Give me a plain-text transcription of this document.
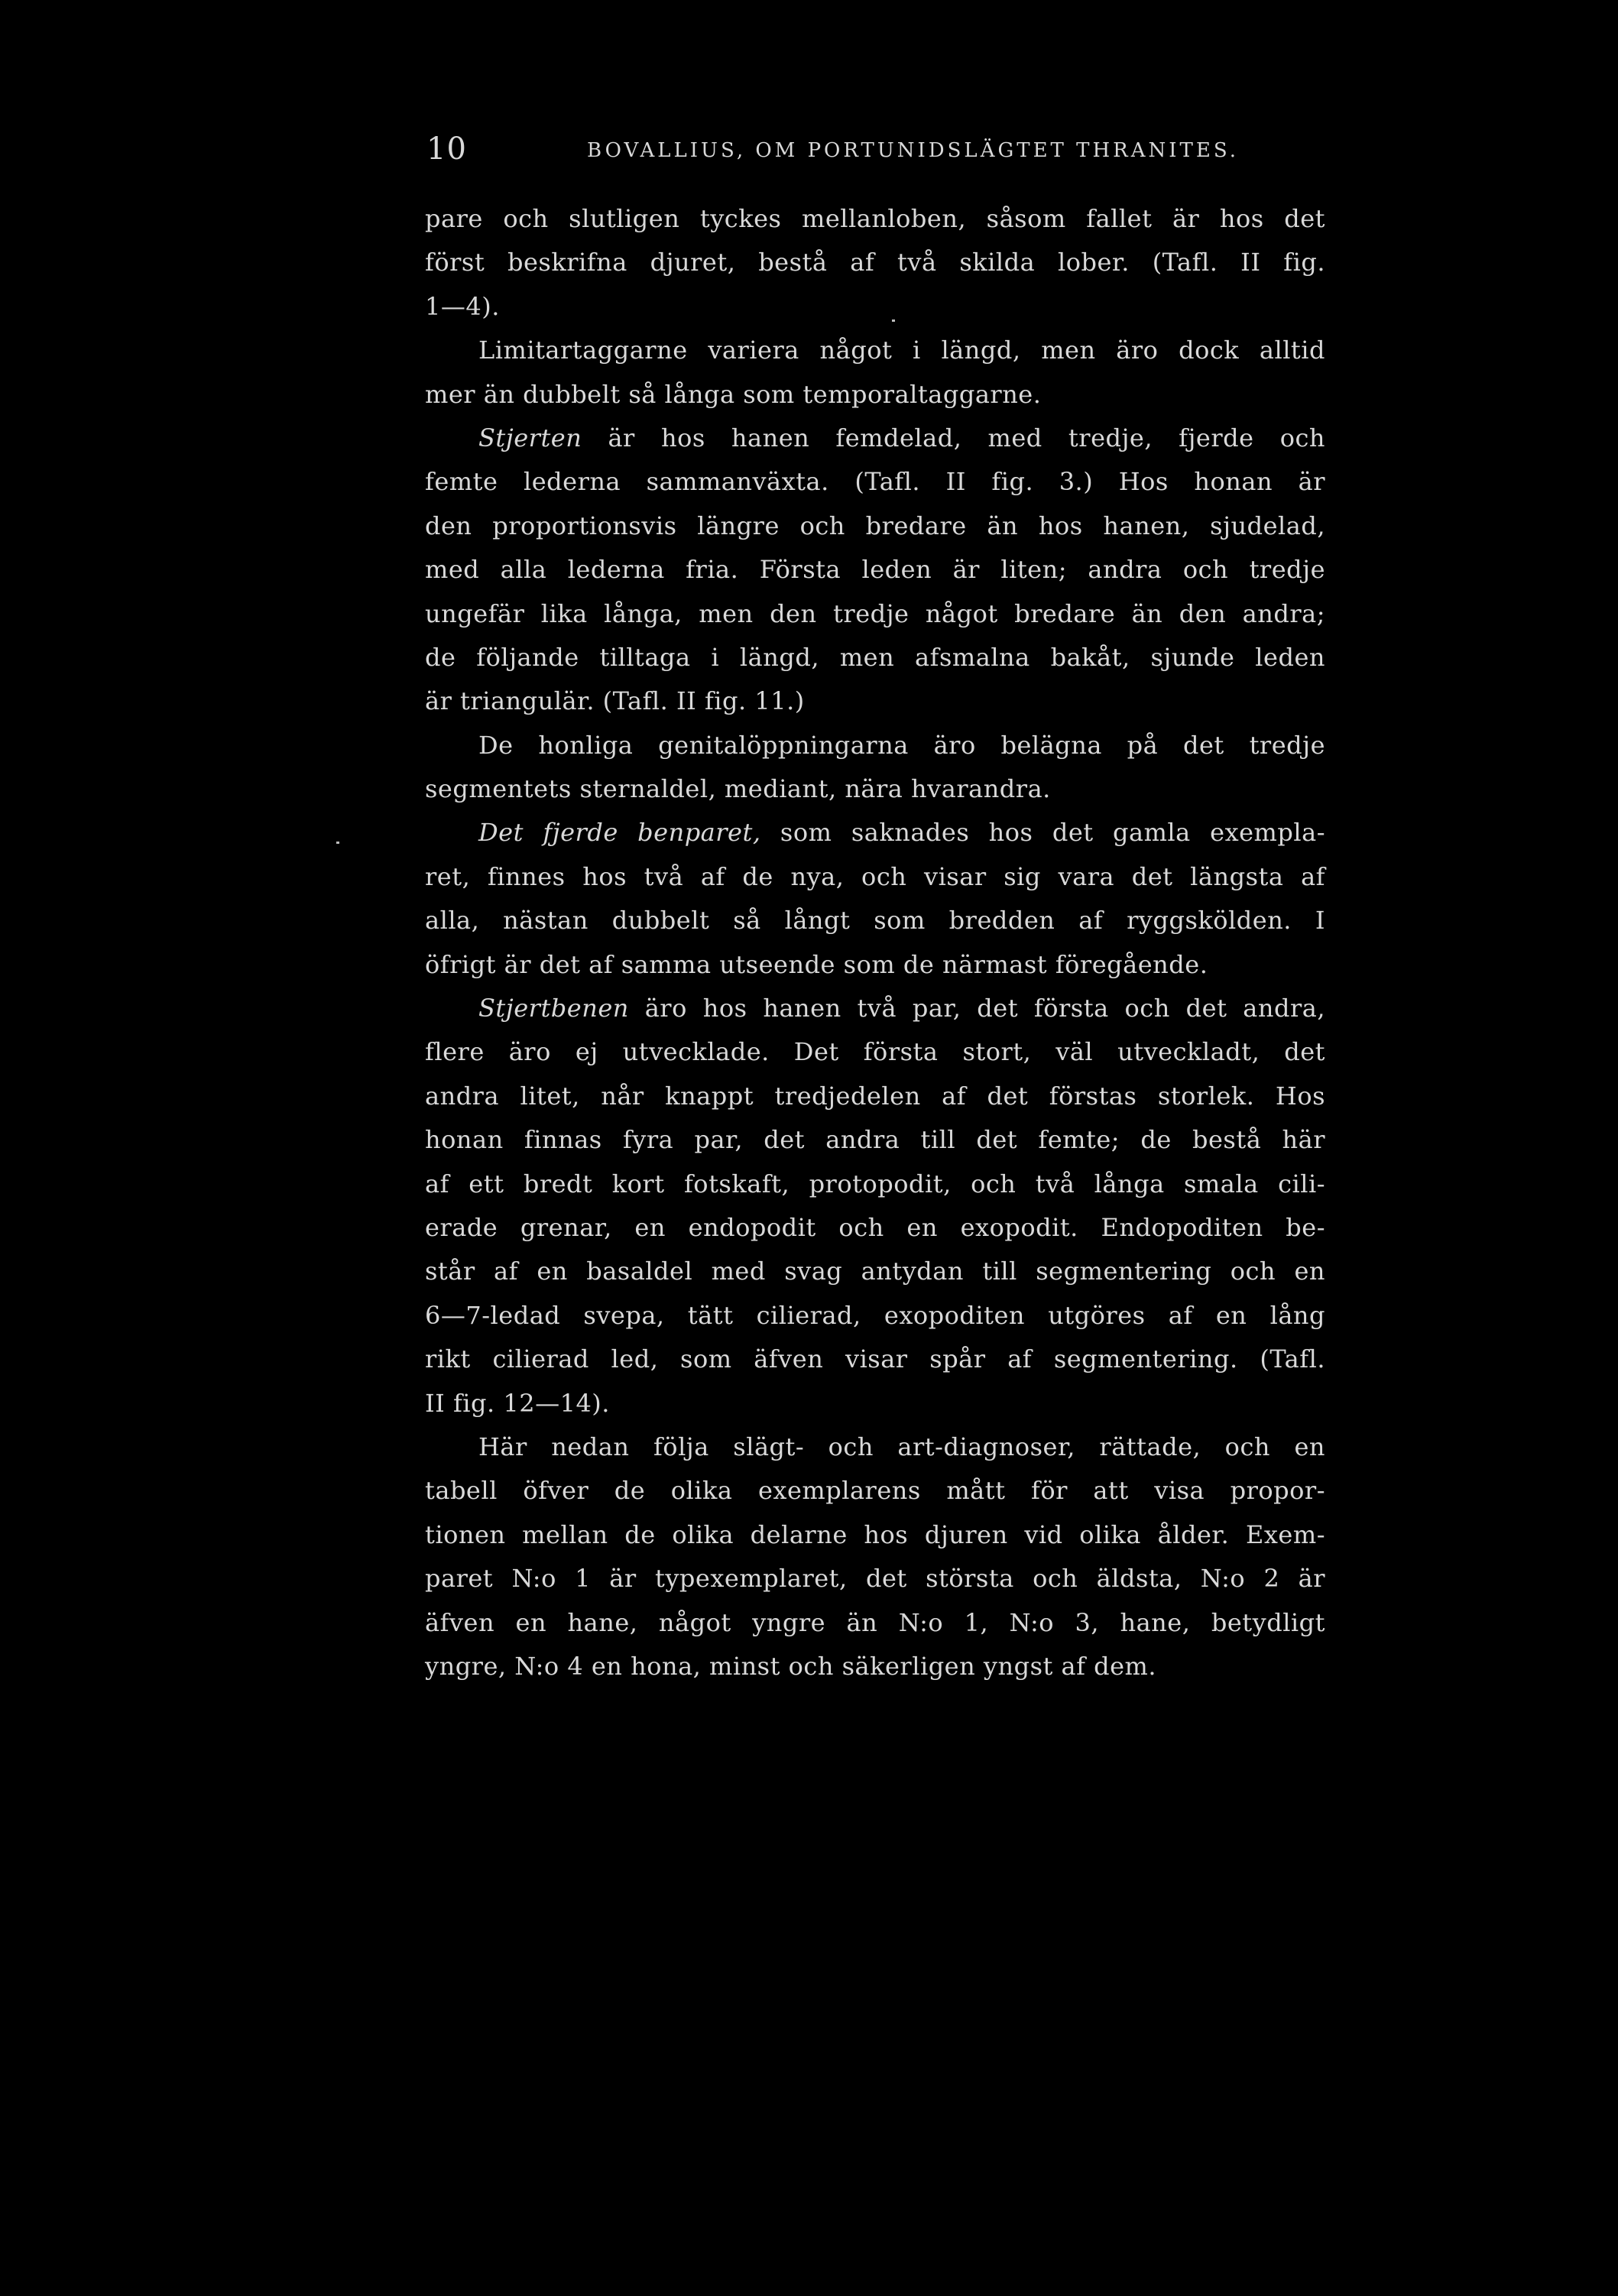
10	BOVALLIUS, OM PORTUNIDSLÄGTET THRANITES.
pare och slutligen tyckes mellanloben, såsom fallet är hos det
först beskrifna djuret, bestå af två skilda lober. (Tafl. II fig.
1—4).
Limitartaggarne variera något i längd, men äro dock alltid
mer än dubbelt så långa som temporaltaggarne.
Stjerten är hos hanen femdelad, med tredje, fjerde och
femte lederna sammanväxta. (Tafl. II fig. 3.) Hos honan är
den proportionsvis längre och bredare än hos hanen, sjudelad,
med alla lederna fria. Första leden är liten; andra och tredje
ungefär lika långa, men den tredje något bredare än den andra;
de följande tilltaga i längd, men afsmalna bakåt, sjunde leden
är triangulär. (Tafl. II fig. 11.)
De honliga genitalöppningarna äro belägna på det tredje
segmentets sternaldel, mediant, nära hvarandra.
Det fjerde benparet, som saknades hos det gamla exempla-
ret, finnes hos två af de nya, och visar sig vara det längsta af
alla, nästan dubbelt så långt som bredden af ryggskölden. I
öfrigt är det af samma utseende som de närmast föregående.
Stjertbenen äro hos hanen två par, det första och det andra,
flere äro ej utvecklade. Det första stort, väl utveckladt, det
andra litet, når knappt tredjedelen af det förstas storlek. Hos
honan finnas fyra par, det andra till det femte; de bestå här
af ett bredt kort fotskaft, protopodit, och två långa smala cili-
erade grenar, en endopodit och en exopodit. Endopoditen be-
står af en basaldel med svag antydan till segmentering och en
6—7-ledad svepa, tätt cilierad, exopoditen utgöres af en lång
rikt cilierad led, som äfven visar spår af segmentering. (Tafl.
II fig. 12—14).
Här nedan följa slägt- och art-diagnoser, rättade, och en
tabell öfver de olika exemplarens mått för att visa propor-
tionen mellan de olika delarne hos djuren vid olika ålder. Exem-
paret N:o 1 är typexemplaret, det största och äldsta, N:o 2 är
äfven en hane, något yngre än N:o 1, N:o 3, hane, betydligt
yngre, N:o 4 en hona, minst och säkerligen yngst af dem.
